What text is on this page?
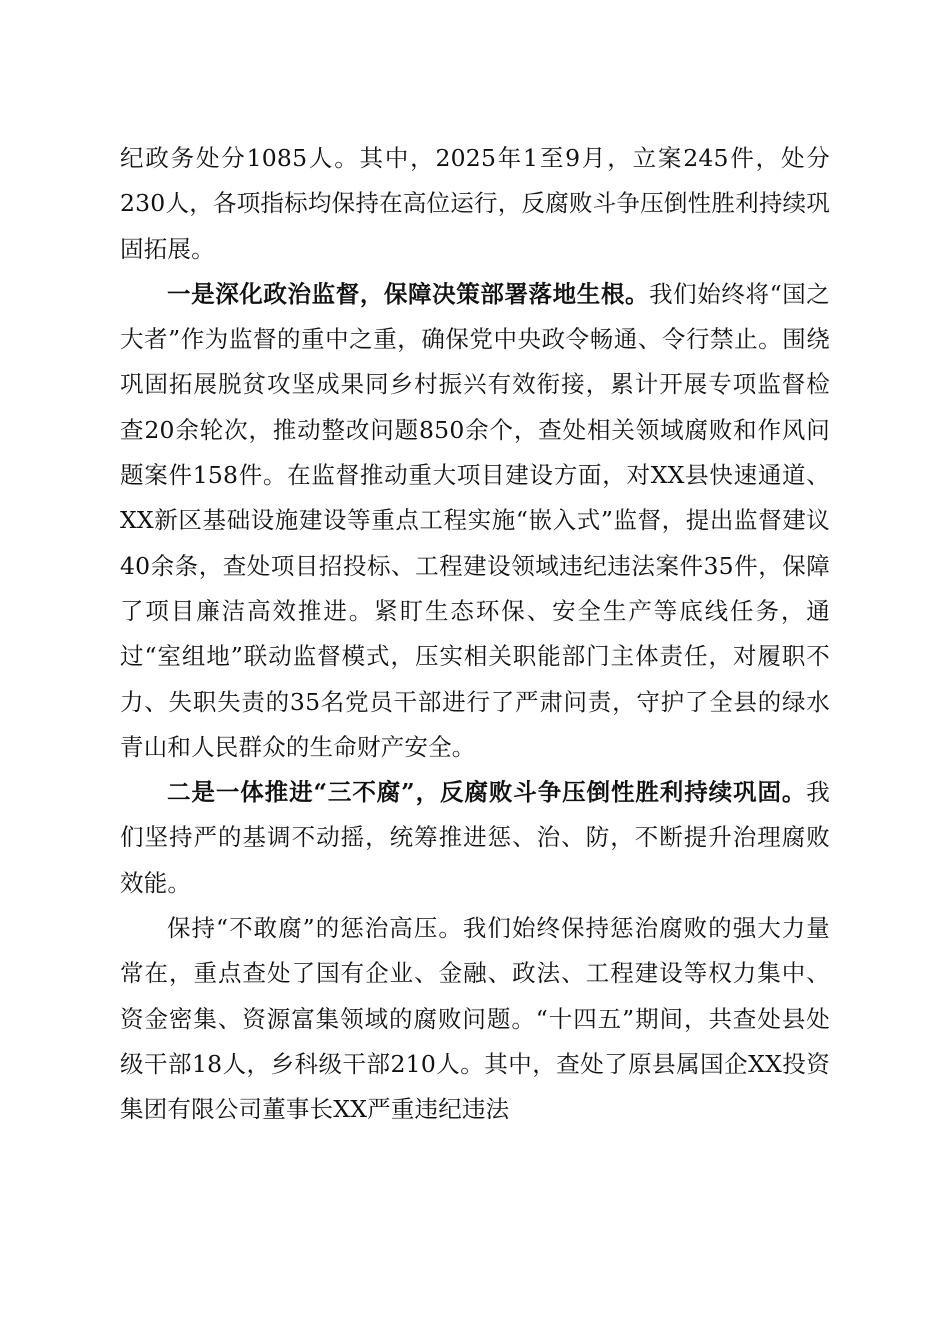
纪政务处分1085人。其中，2025年1至9月，立案245件，处分230人，各项指标均保持在高位运行，反腐败斗争压倒性胜利持续巩固拓展。

一是深化政治监督，保障决策部署落地生根。我们始终将“国之大者”作为监督的重中之重，确保党中央政令畅通、令行禁止。围绕巩固拓展脱贫攻坚成果同乡村振兴有效衔接，累计开展专项监督检查20余轮次，推动整改问题850余个，查处相关领域腐败和作风问题案件158件。在监督推动重大项目建设方面，对XX县快速通道、XX新区基础设施建设等重点工程实施“嵌入式”监督，提出监督建议40余条，查处项目招投标、工程建设领域违纪违法案件35件，保障了项目廉洁高效推进。紧盯生态环保、安全生产等底线任务，通过“室组地”联动监督模式，压实相关职能部门主体责任，对履职不力、失职失责的35名党员干部进行了严肃问责，守护了全县的绿水青山和人民群众的生命财产安全。

二是一体推进“三不腐”，反腐败斗争压倒性胜利持续巩固。我们坚持严的基调不动摇，统筹推进惩、治、防，不断提升治理腐败效能。

保持“不敢腐”的惩治高压。我们始终保持惩治腐败的强大力量常在，重点查处了国有企业、金融、政法、工程建设等权力集中、资金密集、资源富集领域的腐败问题。“十四五”期间，共查处县处级干部18人，乡科级干部210人。其中，查处了原县属国企XX投资集团有限公司董事长XX严重违纪违法
